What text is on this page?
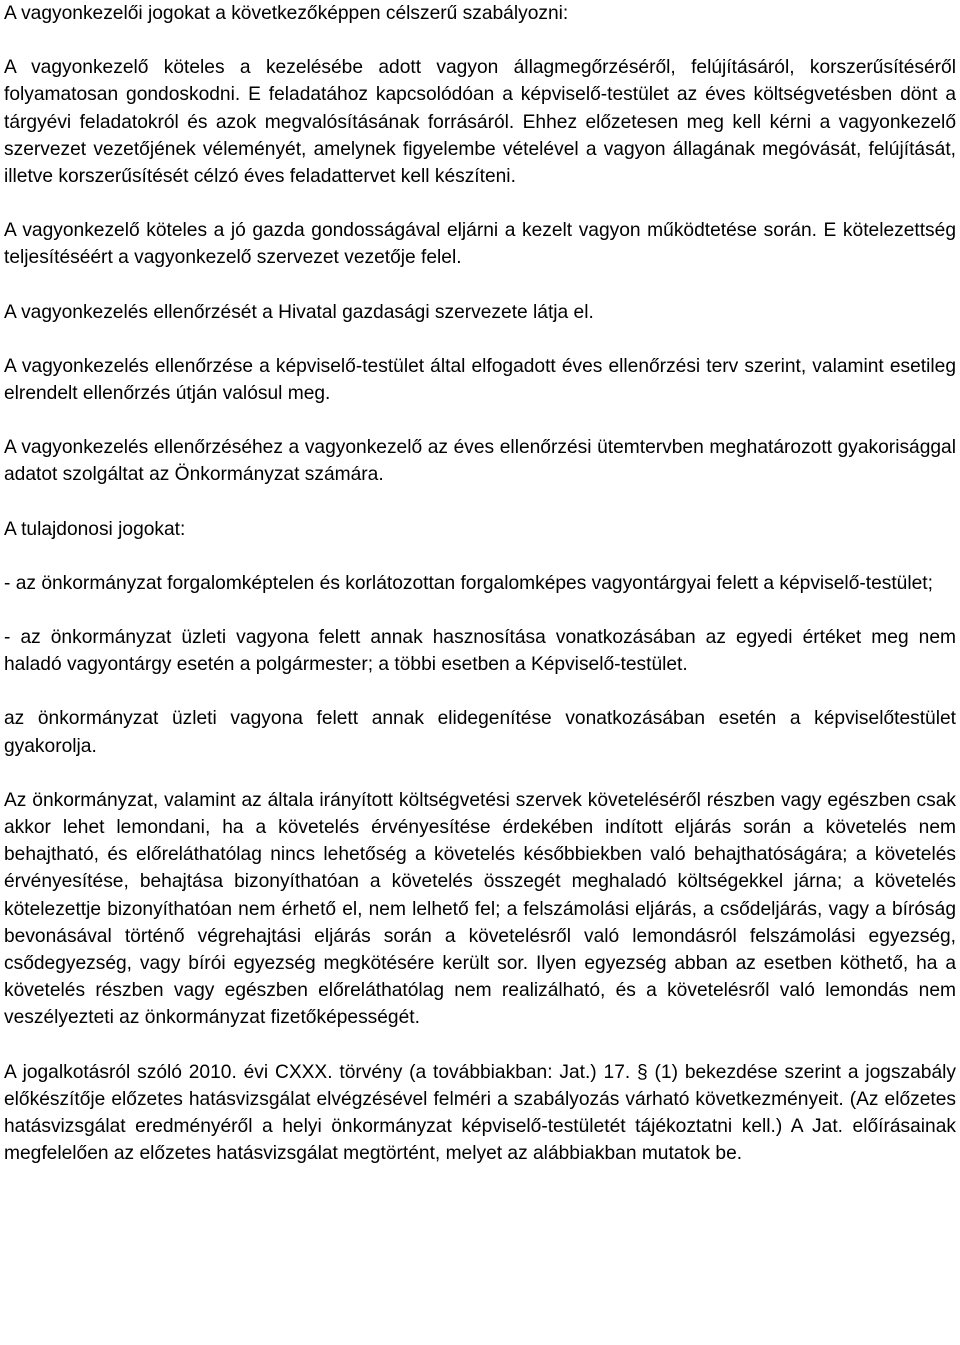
A vagyonkezelői jogokat a következőképpen célszerű szabályozni:

A vagyonkezelő köteles a kezelésébe adott vagyon állagmegőrzéséről, felújításáról, korszerűsítéséről folyamatosan gondoskodni. E feladatához kapcsolódóan a képviselő-testület az éves költségvetésben dönt a tárgyévi feladatokról és azok megvalósításának forrásáról. Ehhez előzetesen meg kell kérni a vagyonkezelő szervezet vezetőjének véleményét, amelynek figyelembe vételével a vagyon állagának megóvását, felújítását, illetve korszerűsítését célzó éves feladattervet kell készíteni.

A vagyonkezelő köteles a jó gazda gondosságával eljárni a kezelt vagyon működtetése során. E kötelezettség teljesítéséért a vagyonkezelő szervezet vezetője felel.

A vagyonkezelés ellenőrzését a Hivatal gazdasági szervezete látja el.

A vagyonkezelés ellenőrzése a képviselő-testület által elfogadott éves ellenőrzési terv szerint, valamint esetileg elrendelt ellenőrzés útján valósul meg.

A vagyonkezelés ellenőrzéséhez a vagyonkezelő az éves ellenőrzési ütemtervben meghatározott gyakorisággal adatot szolgáltat az Önkormányzat számára.

A tulajdonosi jogokat:

- az önkormányzat forgalomképtelen és korlátozottan forgalomképes vagyontárgyai felett a képviselő-testület;

- az önkormányzat üzleti vagyona felett annak hasznosítása vonatkozásában az egyedi értéket meg nem haladó vagyontárgy esetén a polgármester; a többi esetben a Képviselő-testület.

az önkormányzat üzleti vagyona felett annak elidegenítése vonatkozásában esetén a képviselőtestület gyakorolja.

Az önkormányzat, valamint az általa irányított költségvetési szervek követeléséről részben vagy egészben csak akkor lehet lemondani, ha a követelés érvényesítése érdekében indított eljárás során a követelés nem behajtható, és előreláthatólag nincs lehetőség a követelés későbbiekben való behajthatóságára; a követelés érvényesítése, behajtása bizonyíthatóan a követelés összegét meghaladó költségekkel járna; a követelés kötelezettje bizonyíthatóan nem érhető el, nem lelhető fel; a felszámolási eljárás, a csődeljárás, vagy a bíróság bevonásával történő végrehajtási eljárás során a követelésről való lemondásról felszámolási egyezség, csődegyezség, vagy bírói egyezség megkötésére került sor. Ilyen egyezség abban az esetben köthető, ha a követelés részben vagy egészben előreláthatólag nem realizálható, és a követelésről való lemondás nem veszélyezteti az önkormányzat fizetőképességét.

A jogalkotásról szóló 2010. évi CXXX. törvény (a továbbiakban: Jat.) 17. § (1) bekezdése szerint a jogszabály előkészítője előzetes hatásvizsgálat elvégzésével felméri a szabályozás várható következményeit. (Az előzetes hatásvizsgálat eredményéről a helyi önkormányzat képviselő-testületét tájékoztatni kell.) A Jat. előírásainak megfelelően az előzetes hatásvizsgálat megtörtént, melyet az alábbiakban mutatok be.
